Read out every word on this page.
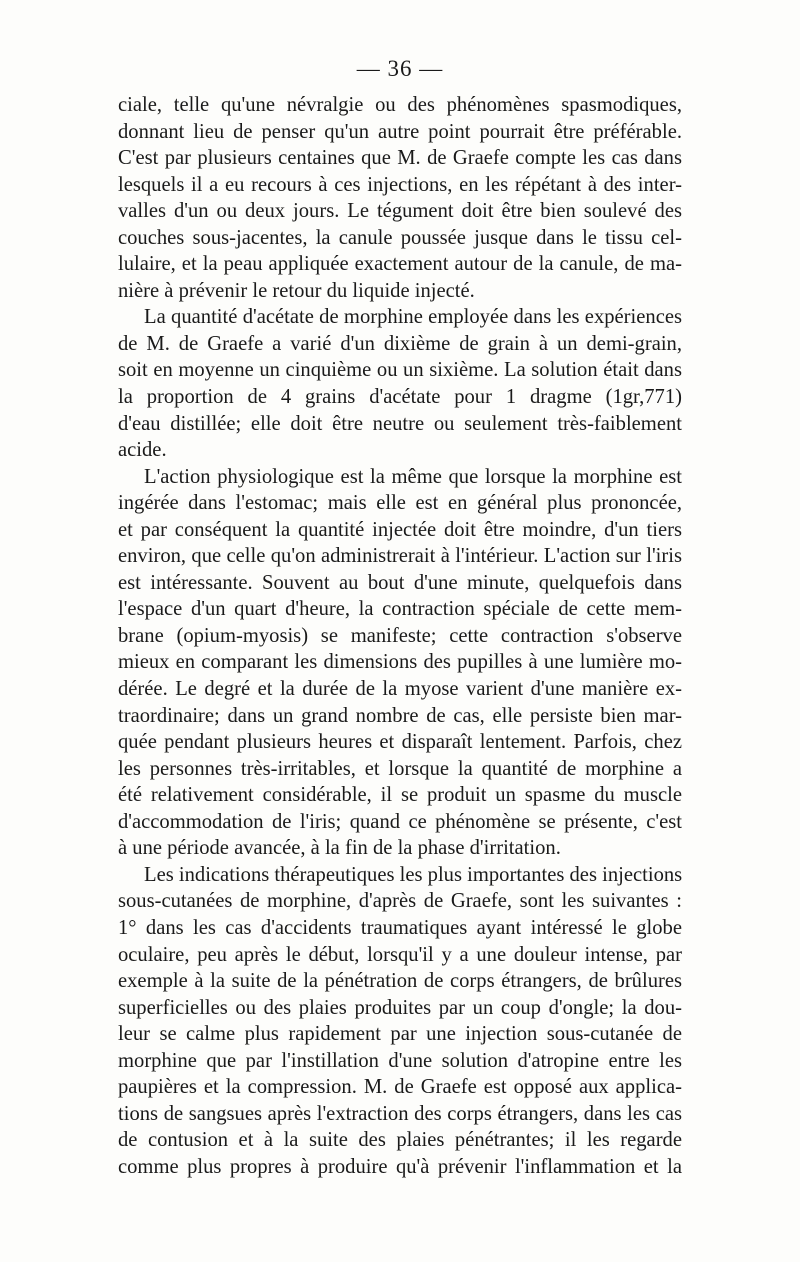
— 36 —
ciale, telle qu'une névralgie ou des phénomènes spasmodiques,
donnant lieu de penser qu'un autre point pourrait être préférable.
C'est par plusieurs centaines que M. de Graefe compte les cas dans
lesquels il a eu recours à ces injections, en les répétant à des inter-
valles d'un ou deux jours. Le tégument doit être bien soulevé des
couches sous-jacentes, la canule poussée jusque dans le tissu cel-
lulaire, et la peau appliquée exactement autour de la canule, de ma-
nière à prévenir le retour du liquide injecté.
La quantité d'acétate de morphine employée dans les expériences
de M. de Graefe a varié d'un dixième de grain à un demi-grain,
soit en moyenne un cinquième ou un sixième. La solution était dans
la proportion de 4 grains d'acétate pour 1 dragme (1gr,771)
d'eau distillée; elle doit être neutre ou seulement très-faiblement
acide.
L'action physiologique est la même que lorsque la morphine est
ingérée dans l'estomac; mais elle est en général plus prononcée,
et par conséquent la quantité injectée doit être moindre, d'un tiers
environ, que celle qu'on administrerait à l'intérieur. L'action sur l'iris
est intéressante. Souvent au bout d'une minute, quelquefois dans
l'espace d'un quart d'heure, la contraction spéciale de cette mem-
brane (opium-myosis) se manifeste; cette contraction s'observe
mieux en comparant les dimensions des pupilles à une lumière mo-
dérée. Le degré et la durée de la myose varient d'une manière ex-
traordinaire; dans un grand nombre de cas, elle persiste bien mar-
quée pendant plusieurs heures et disparaît lentement. Parfois, chez
les personnes très-irritables, et lorsque la quantité de morphine a
été relativement considérable, il se produit un spasme du muscle
d'accommodation de l'iris; quand ce phénomène se présente, c'est
à une période avancée, à la fin de la phase d'irritation.
Les indications thérapeutiques les plus importantes des injections
sous-cutanées de morphine, d'après de Graefe, sont les suivantes :
1° dans les cas d'accidents traumatiques ayant intéressé le globe
oculaire, peu après le début, lorsqu'il y a une douleur intense, par
exemple à la suite de la pénétration de corps étrangers, de brûlures
superficielles ou des plaies produites par un coup d'ongle; la dou-
leur se calme plus rapidement par une injection sous-cutanée de
morphine que par l'instillation d'une solution d'atropine entre les
paupières et la compression. M. de Graefe est opposé aux applica-
tions de sangsues après l'extraction des corps étrangers, dans les cas
de contusion et à la suite des plaies pénétrantes; il les regarde
comme plus propres à produire qu'à prévenir l'inflammation et la
